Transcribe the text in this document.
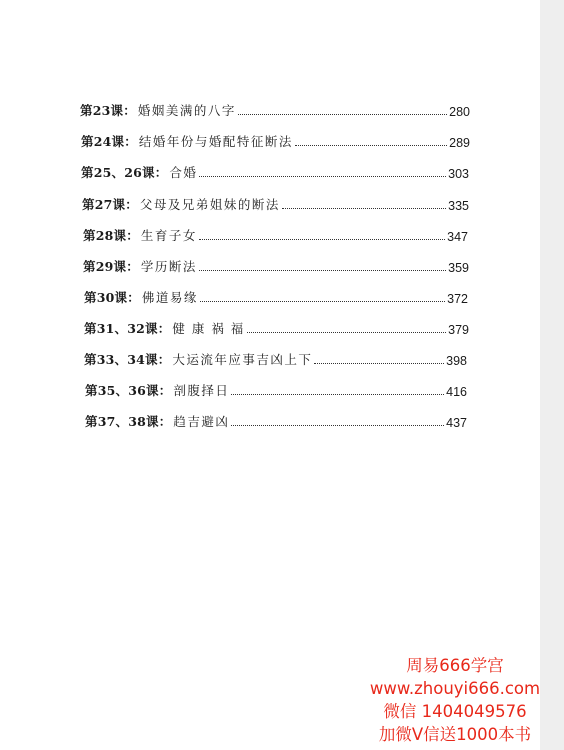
第23课： 婚姻美满的八字	280
第24课： 结婚年份与婚配特征断法	289
第25、26课： 合婚	303
第27课： 父母及兄弟姐妹的断法	335
第28课： 生育子女	347
第29课： 学历断法	359
第30课： 佛道易缘	372
第31、32课： 健 康 祸 福	379
第33、34课： 大运流年应事吉凶上下	398
第35、36课： 剖腹择日	416
第37、38课： 趋吉避凶	437
周易666学宫
www.zhouyi666.com
微信 1404049576
加微V信送1000本书
